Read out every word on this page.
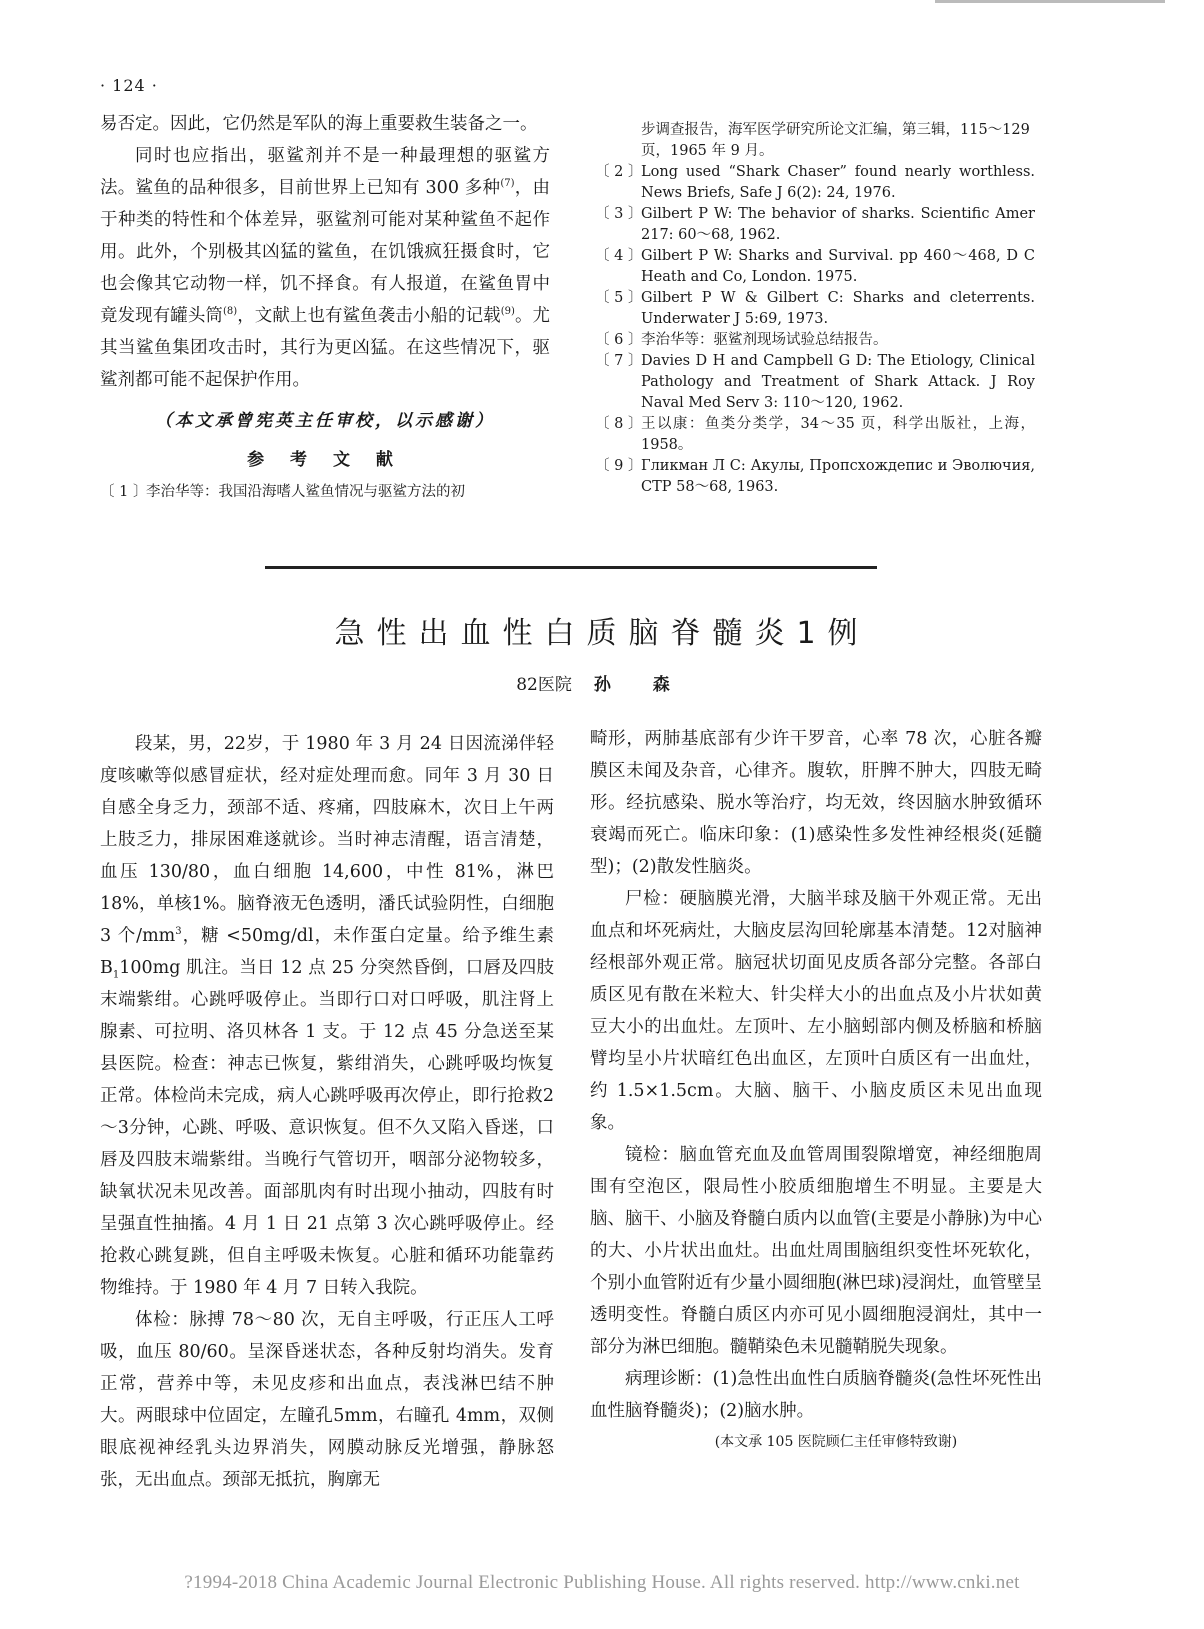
· 124 ·

易否定。因此，它仍然是军队的海上重要救生装备之一。

同时也应指出，驱鲨剂并不是一种最理想的驱鲨方法。鲨鱼的品种很多，目前世界上已知有 300 多种$^{(7)}$，由于种类的特性和个体差异，驱鲨剂可能对某种鲨鱼不起作用。此外，个别极其凶猛的鲨鱼，在饥饿疯狂摄食时，它也会像其它动物一样，饥不择食。有人报道，在鲨鱼胃中竟发现有罐头筒$^{(8)}$，文献上也有鲨鱼袭击小船的记载$^{(9)}$。尤其当鲨鱼集团攻击时，其行为更凶猛。在这些情况下，驱鲨剂都可能不起保护作用。

（本文承曾宪英主任审校，以示感谢）
参 考 文 献

〔 1 〕
李治华等：我国沿海嗜人鲨鱼情况与驱鲨方法的初

步调查报告，海军医学研究所论文汇编，第三辑，115～129 页，1965 年 9 月。

〔 2 〕
Long used “Shark Chaser” found nearly worthless. News Briefs, Safe J 6(2): 24, 1976.

〔 3 〕
Gilbert P W: The behavior of sharks. Scientific Amer 217: 60～68, 1962.

〔 4 〕
Gilbert P W: Sharks and Survival. pp 460～468, D C Heath and Co, London. 1975.

〔 5 〕
Gilbert P W & Gilbert C: Sharks and cleterrents. Underwater J 5:69, 1973.

〔 6 〕
李治华等：驱鲨剂现场试验总结报告。

〔 7 〕
Davies D H and Campbell G D: The Etiology, Clinical Pathology and Treatment of Shark Attack. J Roy Naval Med Serv 3: 110～120, 1962.

〔 8 〕
王以康：鱼类分类学，34～35 页，科学出版社，上海，1958。

〔 9 〕
Гликман Л С: Акулы, Пропсхождепис и Эволючия, СТР 58～68, 1963.

急性出血性白质脑脊髓炎1例
82医院 孙 森

段某，男，22岁，于 1980 年 3 月 24 日因流涕伴轻度咳嗽等似感冒症状，经对症处理而愈。同年 3 月 30 日自感全身乏力，颈部不适、疼痛，四肢麻木，次日上午两上肢乏力，排尿困难遂就诊。当时神志清醒，语言清楚，血压 130/80，血白细胞 14,600，中性 81%，淋巴 18%，单核1%。脑脊液无色透明，潘氏试验阴性，白细胞 3 个$/mm^3$，糖 <50mg/dl，未作蛋白定量。给予维生素 $B_1100mg$ 肌注。当日 12 点 25 分突然昏倒，口唇及四肢末端紫绀。心跳呼吸停止。当即行口对口呼吸，肌注肾上腺素、可拉明、洛贝林各 1 支。于 12 点 45 分急送至某县医院。检查：神志已恢复，紫绀消失，心跳呼吸均恢复正常。体检尚未完成，病人心跳呼吸再次停止，即行抢救2～3分钟，心跳、呼吸、意识恢复。但不久又陷入昏迷，口唇及四肢末端紫绀。当晚行气管切开，咽部分泌物较多，缺氧状况未见改善。面部肌肉有时出现小抽动，四肢有时呈强直性抽搐。4 月 1 日 21 点第 3 次心跳呼吸停止。经抢救心跳复跳，但自主呼吸未恢复。心脏和循环功能靠药物维持。于 1980 年 4 月 7 日转入我院。

体检：脉搏 78～80 次，无自主呼吸，行正压人工呼吸，血压 80/60。呈深昏迷状态，各种反射均消失。发育正常，营养中等，未见皮疹和出血点，表浅淋巴结不肿大。两眼球中位固定，左瞳孔5mm，右瞳孔 4mm，双侧眼底视神经乳头边界消失，网膜动脉反光增强，静脉怒张，无出血点。颈部无抵抗，胸廓无

畸形，两肺基底部有少许干罗音，心率 78 次，心脏各瓣膜区未闻及杂音，心律齐。腹软，肝脾不肿大，四肢无畸形。经抗感染、脱水等治疗，均无效，终因脑水肿致循环衰竭而死亡。临床印象：(1)感染性多发性神经根炎(延髓型)；(2)散发性脑炎。

尸检：硬脑膜光滑，大脑半球及脑干外观正常。无出血点和坏死病灶，大脑皮层沟回轮廓基本清楚。12对脑神经根部外观正常。脑冠状切面见皮质各部分完整。各部白质区见有散在米粒大、针尖样大小的出血点及小片状如黄豆大小的出血灶。左顶叶、左小脑蚓部内侧及桥脑和桥脑臂均呈小片状暗红色出血区，左顶叶白质区有一出血灶，约 1.5×1.5cm。大脑、脑干、小脑皮质区未见出血现象。

镜检：脑血管充血及血管周围裂隙增宽，神经细胞周围有空泡区，限局性小胶质细胞增生不明显。主要是大脑、脑干、小脑及脊髓白质内以血管(主要是小静脉)为中心的大、小片状出血灶。出血灶周围脑组织变性坏死软化，个别小血管附近有少量小圆细胞(淋巴球)浸润灶，血管壁呈透明变性。脊髓白质区内亦可见小圆细胞浸润灶，其中一部分为淋巴细胞。髓鞘染色未见髓鞘脱失现象。

病理诊断：(1)急性出血性白质脑脊髓炎(急性坏死性出血性脑脊髓炎)；(2)脑水肿。

(本文承 105 医院顾仁主任审修特致谢)
?1994-2018 China Academic Journal Electronic Publishing House. All rights reserved. http://www.cnki.net
